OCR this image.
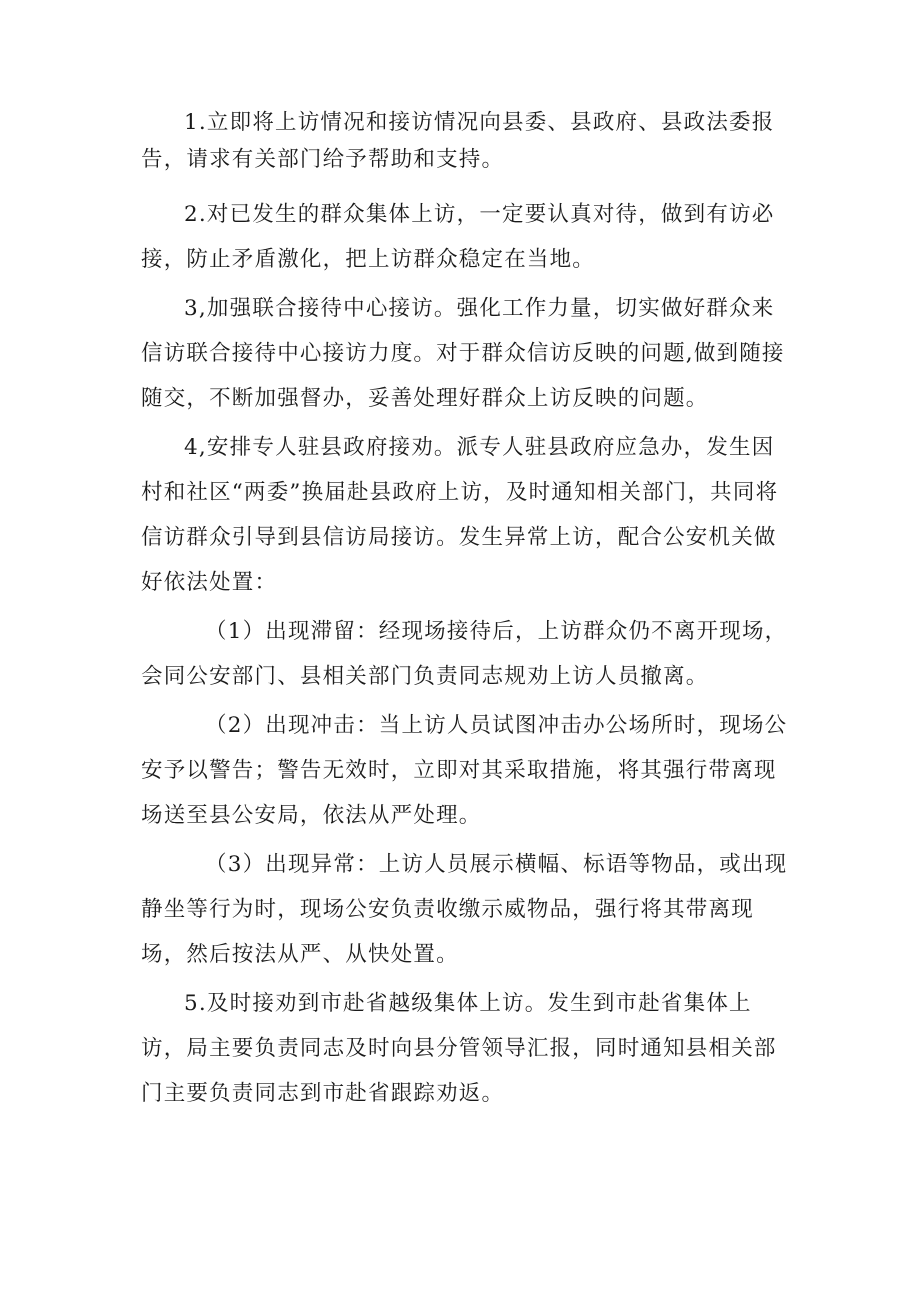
1.立即将上访情况和接访情况向县委、县政府、县政法委报告，请求有关部门给予帮助和支持。

2.对已发生的群众集体上访，一定要认真对待，做到有访必接，防止矛盾激化，把上访群众稳定在当地。

3,加强联合接待中心接访。强化工作力量，切实做好群众来信访联合接待中心接访力度。对于群众信访反映的问题,做到随接随交，不断加强督办，妥善处理好群众上访反映的问题。

4,安排专人驻县政府接劝。派专人驻县政府应急办，发生因村和社区“两委”换届赴县政府上访，及时通知相关部门，共同将信访群众引导到县信访局接访。发生异常上访，配合公安机关做好依法处置：

（1）出现滞留：经现场接待后，上访群众仍不离开现场，会同公安部门、县相关部门负责同志规劝上访人员撤离。

（2）出现冲击：当上访人员试图冲击办公场所时，现场公安予以警告；警告无效时，立即对其采取措施，将其强行带离现场送至县公安局，依法从严处理。

（3）出现异常：上访人员展示横幅、标语等物品，或出现静坐等行为时，现场公安负责收缴示威物品，强行将其带离现场，然后按法从严、从快处置。

5.及时接劝到市赴省越级集体上访。发生到市赴省集体上访，局主要负责同志及时向县分管领导汇报，同时通知县相关部门主要负责同志到市赴省跟踪劝返。
